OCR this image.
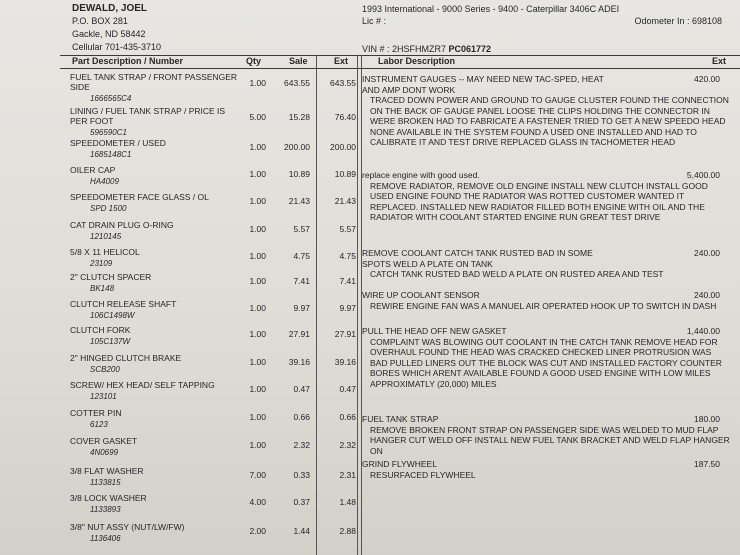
DEWALD, JOEL
P.O. BOX 281
Gackle, ND 58442
Cellular 701-435-3710
1993 International - 9000 Series - 9400 - Caterpillar 3406C ADEI
Lic # :	Odometer In : 698108
VIN # : 2HSFHMZR7 PC061772
Part Description / Number	Qty	Sale	Ext	Labor Description	Ext
FUEL TANK STRAP / FRONT PASSENGER SIDE
1666565C4
1.00	643.55	643.55
LINING / FUEL TANK STRAP / PRICE IS PER FOOT
596590C1
5.00	15.28	76.40
SPEEDOMETER / USED
1685148C1
1.00	200.00	200.00
OILER CAP
HA4009
1.00	10.89	10.89
SPEEDOMETER FACE GLASS / OL
SPD 1500
1.00	21.43	21.43
CAT DRAIN PLUG O-RING
1210145
1.00	5.57	5.57
5/8 X 11 HELICOL
23109
1.00	4.75	4.75
2" CLUTCH SPACER
BK148
1.00	7.41	7.41
CLUTCH RELEASE SHAFT
106C1498W
1.00	9.97	9.97
CLUTCH FORK
105C137W
1.00	27.91	27.91
2" HINGED CLUTCH BRAKE
SCB200
1.00	39.16	39.16
SCREW/ HEX HEAD/ SELF TAPPING
123101
1.00	0.47	0.47
COTTER PIN
6123
1.00	0.66	0.66
COVER GASKET
4N0699
1.00	2.32	2.32
3/8 FLAT WASHER
1133815
7.00	0.33	2.31
3/8 LOCK WASHER
1133893
4.00	0.37	1.48
3/8" NUT ASSY (NUT/LW/FW)
1136406
2.00	1.44	2.88
INSTRUMENT GAUGES -- MAY NEED NEW TAC-SPED, HEAT AND AMP DONT WORK
420.00
TRACED DOWN POWER AND GROUND TO GAUGE CLUSTER FOUND THE CONNECTION ON THE BACK OF GAUGE PANEL LOOSE THE CLIPS HOLDING THE CONNECTOR IN WERE BROKEN HAD TO FABRICATE A FASTENER TRIED TO GET A NEW SPEEDO HEAD NONE AVAILABLE IN THE SYSTEM FOUND A USED ONE INSTALLED AND HAD TO CALIBRATE IT AND TEST DRIVE REPLACED GLASS IN TACHOMETER HEAD
replace engine with good used.	5,400.00
REMOVE RADIATOR, REMOVE OLD ENGINE INSTALL NEW CLUTCH INSTALL GOOD USED ENGINE FOUND THE RADIATOR WAS ROTTED CUSTOMER WANTED IT REPLACED. INSTALLED NEW RADIATOR FILLED BOTH ENGINE WITH OIL AND THE RADIATOR WITH COOLANT STARTED ENGINE RUN GREAT TEST DRIVE
REMOVE COOLANT CATCH TANK RUSTED BAD IN SOME SPOTS WELD A PLATE ON TANK
240.00
CATCH TANK RUSTED BAD WELD A PLATE ON RUSTED AREA AND TEST
WIRE UP COOLANT SENSOR	240.00
REWIRE ENGINE FAN WAS A MANUEL AIR OPERATED HOOK UP TO SWITCH IN DASH
PULL THE HEAD OFF NEW GASKET	1,440.00
COMPLAINT WAS BLOWING OUT COOLANT IN THE CATCH TANK REMOVE HEAD FOR OVERHAUL FOUND THE HEAD WAS CRACKED CHECKED LINER PROTRUSION WAS BAD PULLED LINERS OUT THE BLOCK WAS CUT AND INSTALLED FACTORY COUNTER BORES WHICH ARENT AVAILABLE FOUND A GOOD USED ENGINE WITH LOW MILES APPROXIMATLY (20,000) MILES
FUEL TANK STRAP	180.00
REMOVE BROKEN FRONT STRAP ON PASSENGER SIDE WAS WELDED TO MUD FLAP HANGER CUT WELD OFF INSTALL NEW FUEL TANK BRACKET AND WELD FLAP HANGER ON
GRIND FLYWHEEL	187.50
RESURFACED FLYWHEEL
